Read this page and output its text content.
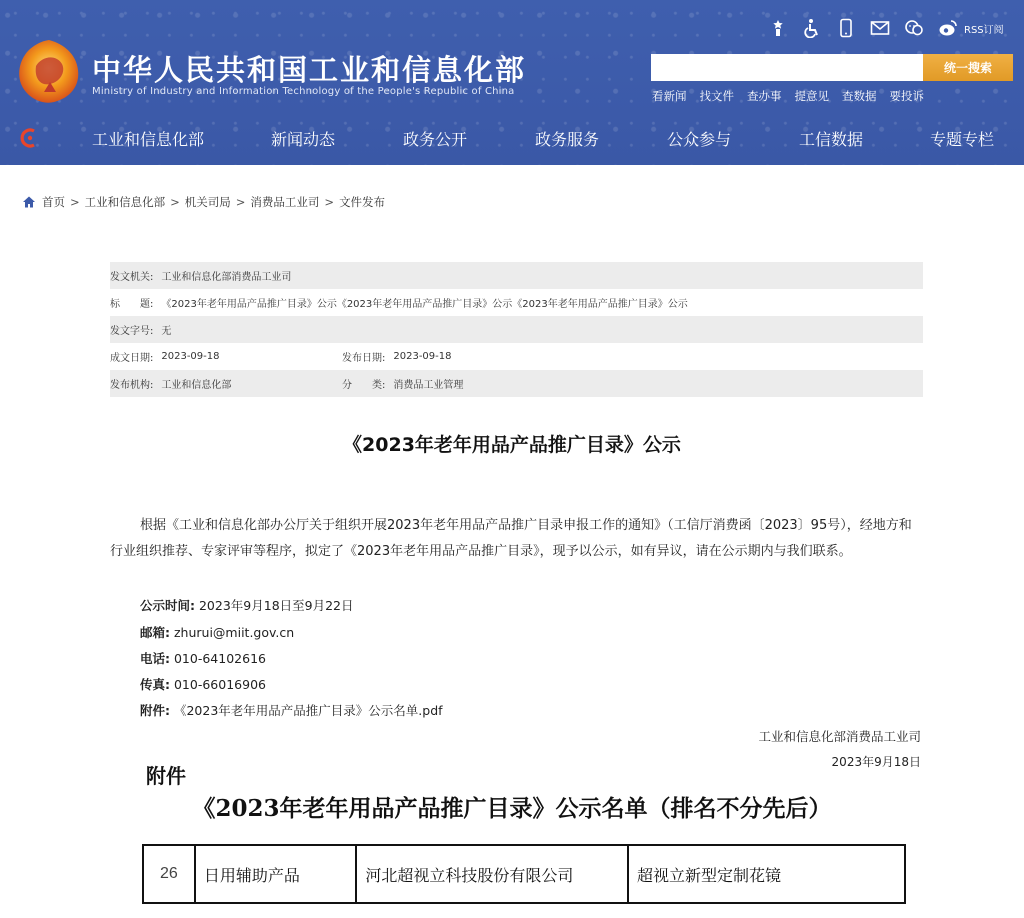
中华人民共和国工业和信息化部
Ministry of Industry and Information Technology of the People's Republic of China
RSS订阅
统一搜索
看新闻 找文件 查办事 提意见 查数据 要投诉
工业和信息化部	新闻动态	政务公开	政务服务	公众参与	工信数据	专题专栏
首页 > 工业和信息化部 > 机关司局 > 消费品工业司 > 文件发布
发文机关: 工业和信息化部消费品工业司
标　　题: 《2023年老年用品产品推广目录》公示《2023年老年用品产品推广目录》公示《2023年老年用品产品推广目录》公示
发文字号: 无
成文日期: 2023-09-18	发布日期: 2023-09-18
发布机构: 工业和信息化部	分　　类: 消费品工业管理
《2023年老年用品产品推广目录》公示

根据《工业和信息化部办公厅关于组织开展2023年老年用品产品推广目录申报工作的通知》（工信厅消费函〔2023〕95号），经地方和行业组织推荐、专家评审等程序，拟定了《2023年老年用品产品推广目录》，现予以公示，如有异议，请在公示期内与我们联系。

公示时间: 2023年9月18日至9月22日
邮箱: zhurui@miit.gov.cn
电话: 010-64102616
传真: 010-66016906
附件: 《2023年老年用品产品推广目录》公示名单.pdf
工业和信息化部消费品工业司
2023年9月18日
附件
《2023年老年用品产品推广目录》公示名单（排名不分先后）
26	日用辅助产品	河北超视立科技股份有限公司	超视立新型定制花镜
